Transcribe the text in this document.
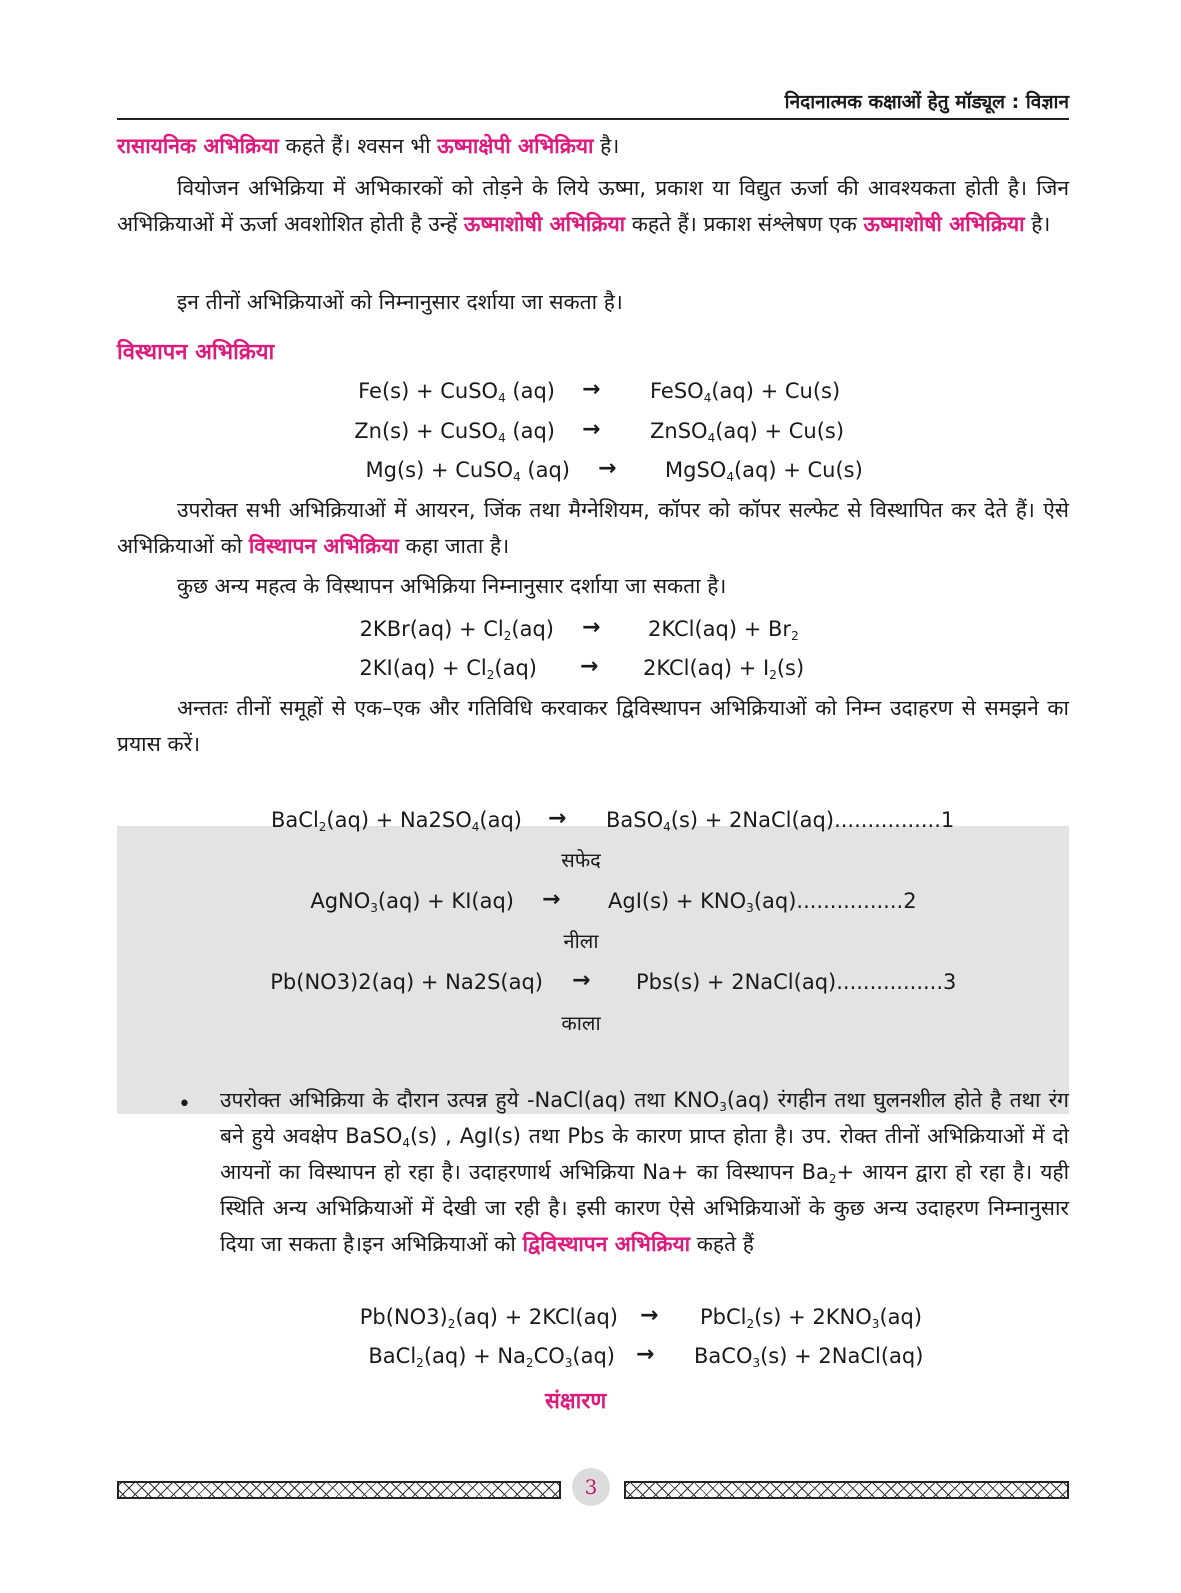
निदानात्मक कक्षाओं हेतु मॉड्यूल : विज्ञान
रासायनिक अभिक्रिया कहते हैं। श्वसन भी ऊष्माक्षेपी अभिक्रिया है।
वियोजन अभिक्रिया में अभिकारकों को तोड़ने के लिये ऊष्मा, प्रकाश या विद्युत ऊर्जा की आवश्यकता होती है। जिन अभिक्रियाओं में ऊर्जा अवशोशित होती है उन्हें ऊष्माशोषी अभिक्रिया कहते हैं। प्रकाश संश्लेषण एक ऊष्माशोषी अभिक्रिया है।
इन तीनों अभिक्रियाओं को निम्नानुसार दर्शाया जा सकता है।
विस्थापन अभिक्रिया
Fe(s) + CuSO$_4$ (aq) → FeSO$_4$(aq) + Cu(s)
Zn(s) + CuSO$_4$ (aq) → ZnSO$_4$(aq) + Cu(s)
Mg(s) + CuSO$_4$ (aq) → MgSO$_4$(aq) + Cu(s)
उपरोक्त सभी अभिक्रियाओं में आयरन, जिंक तथा मैग्नेशियम, कॉपर को कॉपर सल्फेट से विस्थापित कर देते हैं। ऐसे अभिक्रियाओं को विस्थापन अभिक्रिया कहा जाता है।
कुछ अन्य महत्व के विस्थापन अभिक्रिया निम्नानुसार दर्शाया जा सकता है।
$2KBr(aq) + Cl_2(aq) \to 2KCl(aq) + Br_2$
$2KI(aq) + Cl_2(aq) \to 2KCl(aq) + I_2(s)$
अन्ततः तीनों समूहों से एक–एक और गतिविधि करवाकर द्विविस्थापन अभिक्रियाओं को निम्न उदाहरण से समझने का प्रयास करें।
BaCl$_2$(aq) + $Na2SO_4(aq)$ → BaSO$_4$(s) + 2NaCl(aq)................1
सफेद
AgNO$_3$(aq) + $KI(aq) \to AgI(s) + KNO_3(aq)................2$
नीला
Pb(NO3)2(aq) + Na2S(aq) → Pbs(s) + 2NaCl(aq)................3
काला
• उपरोक्त अभिक्रिया के दौरान उत्पन्न हुये -NaCl(aq) तथा $KNO_3(aq)$ रंगहीन तथा घुलनशील होते है तथा रंग बने हुये अवक्षेप BaSO$_4$(s) , AgI(s) तथा Pbs के कारण प्राप्त होता है। उप. रोक्त तीनों अभिक्रियाओं में दो आयनों का विस्थापन हो रहा है। उदाहरणार्थ अभिक्रिया Na+ का विस्थापन $Ba_2+$ आयन द्वारा हो रहा है। यही स्थिति अन्य अभिक्रियाओं में देखी जा रही है। इसी कारण ऐसे अभिक्रियाओं के कुछ अन्य उदाहरण निम्नानुसार दिया जा सकता है।इन अभिक्रियाओं को द्विविस्थापन अभिक्रिया कहते हैं
$Pb(NO3)_2(aq) + 2KCl(aq)$ → PbCl$_2$(s) + $2KNO_3(aq)$
BaCl$_2$(aq) + $Na_2CO_3(aq)$ → BaCO$_3$(s) + 2NaCl(aq)
संक्षारण
3
